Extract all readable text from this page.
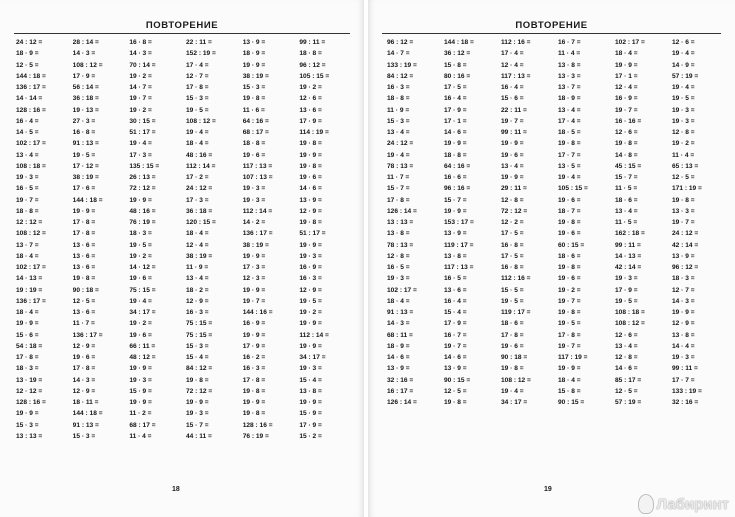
ПОВТОРЕНИЕ
24 : 12 =
18 · 9 =
12 · 5 =
144 : 18 =
136 : 17 =
14 · 14 =
128 : 16 =
16 · 4 =
14 · 5 =
102 : 17 =
13 · 4 =
108 : 18 =
19 · 3 =
16 · 5 =
19 · 7 =
18 · 8 =
12 : 12 =
108 : 12 =
13 · 7 =
18 · 4 =
102 : 17 =
14 · 13 =
19 : 19 =
136 : 17 =
18 · 4 =
19 · 9 =
15 · 6 =
54 : 18 =
17 · 8 =
18 · 3 =
13 · 19 =
12 · 12 =
128 : 16 =
19 · 9 =
15 · 3 =
13 : 13 =
28 : 14 =
14 · 3 =
108 : 12 =
17 · 9 =
56 : 14 =
36 : 18 =
19 · 13 =
27 · 3 =
16 · 8 =
91 : 13 =
19 · 5 =
17 · 12 =
38 : 19 =
17 · 6 =
144 : 18 =
19 · 9 =
17 · 8 =
17 · 8 =
13 · 6 =
13 · 6 =
13 · 6 =
19 · 8 =
90 : 18 =
12 · 5 =
13 · 6 =
11 · 7 =
136 : 17 =
12 · 9 =
19 · 6 =
17 · 8 =
14 · 3 =
12 · 9 =
18 · 11 =
144 : 18 =
91 : 13 =
15 · 3 =
16 · 8 =
14 · 3 =
70 : 14 =
19 · 2 =
14 · 7 =
19 · 7 =
19 · 2 =
30 : 15 =
51 : 17 =
19 · 4 =
17 · 3 =
135 : 15 =
26 : 13 =
72 : 12 =
19 · 9 =
48 : 16 =
76 : 19 =
18 · 3 =
19 · 5 =
19 · 2 =
14 · 12 =
19 · 6 =
75 : 15 =
19 · 4 =
34 : 17 =
19 · 2 =
19 · 6 =
66 : 11 =
48 : 12 =
19 · 9 =
19 · 3 =
15 · 9 =
19 · 9 =
11 · 2 =
68 : 17 =
11 · 4 =
22 : 11 =
152 : 19 =
17 · 4 =
12 · 7 =
17 · 8 =
15 · 3 =
19 · 5 =
108 : 12 =
19 · 4 =
18 · 4 =
48 : 16 =
112 : 14 =
17 · 2 =
24 : 12 =
17 · 3 =
36 : 18 =
120 : 15 =
18 · 4 =
12 · 4 =
38 : 19 =
11 · 9 =
13 · 4 =
18 · 2 =
12 · 9 =
16 · 3 =
75 : 15 =
75 : 15 =
15 · 3 =
15 · 4 =
84 : 12 =
19 · 8 =
72 : 12 =
19 · 9 =
19 · 3 =
15 · 7 =
44 : 11 =
13 · 9 =
18 · 9 =
19 · 9 =
38 : 19 =
15 · 3 =
19 · 8 =
11 · 6 =
64 : 16 =
68 : 17 =
18 · 8 =
19 · 6 =
117 : 13 =
107 : 13 =
19 · 3 =
19 · 3 =
112 : 14 =
14 · 2 =
136 : 17 =
38 : 19 =
19 · 9 =
17 · 3 =
12 · 3 =
19 · 9 =
19 · 7 =
144 : 16 =
16 · 9 =
19 · 9 =
17 · 9 =
16 · 2 =
16 · 3 =
17 · 8 =
19 · 8 =
19 · 9 =
19 · 8 =
128 : 16 =
76 : 19 =
99 : 11 =
18 · 8 =
96 : 12 =
105 : 15 =
19 · 2 =
12 · 6 =
13 · 6 =
17 · 9 =
114 : 19 =
19 · 8 =
19 · 9 =
19 · 8 =
19 · 6 =
14 · 6 =
13 · 9 =
12 · 9 =
19 · 8 =
51 : 17 =
19 · 9 =
19 · 3 =
16 · 9 =
16 · 3 =
12 · 9 =
19 · 5 =
19 · 2 =
19 · 9 =
112 : 14 =
19 · 9 =
34 : 17 =
19 · 3 =
15 · 4 =
13 · 8 =
19 · 9 =
15 · 9 =
17 · 9 =
15 · 2 =
18
ПОВТОРЕНИЕ
96 : 12 =
14 · 7 =
133 : 19 =
84 : 12 =
16 · 3 =
18 · 8 =
11 · 9 =
15 · 3 =
13 · 4 =
24 : 12 =
19 · 4 =
78 : 13 =
11 · 7 =
15 · 7 =
17 · 8 =
126 : 14 =
13 : 13 =
13 · 8 =
78 : 13 =
12 · 8 =
16 · 5 =
19 · 3 =
102 : 17 =
18 · 4 =
91 : 13 =
14 · 3 =
68 : 11 =
18 · 9 =
14 · 6 =
13 · 9 =
32 : 16 =
16 : 17 =
126 : 14 =
144 : 18 =
36 : 12 =
15 · 8 =
80 : 16 =
17 · 5 =
16 · 4 =
17 · 9 =
17 · 1 =
14 · 6 =
19 · 9 =
18 · 8 =
64 : 16 =
16 · 6 =
96 : 16 =
15 · 7 =
19 · 9 =
153 : 17 =
13 · 9 =
119 : 17 =
13 · 8 =
117 : 13 =
16 · 5 =
13 · 6 =
16 · 4 =
15 · 4 =
17 · 9 =
16 · 7 =
19 · 7 =
14 · 6 =
13 · 9 =
90 : 15 =
12 · 5 =
19 · 8 =
112 : 16 =
17 · 4 =
12 · 4 =
117 : 13 =
16 · 4 =
15 · 6 =
22 : 11 =
19 · 7 =
99 : 11 =
19 · 9 =
19 · 6 =
13 · 4 =
19 · 9 =
29 : 11 =
12 · 8 =
72 : 12 =
12 · 2 =
17 · 5 =
16 · 8 =
17 · 5 =
16 · 8 =
112 : 16 =
15 · 5 =
19 · 5 =
119 : 17 =
18 · 6 =
17 · 8 =
19 · 6 =
90 : 18 =
19 · 8 =
108 : 12 =
19 · 4 =
34 : 17 =
16 · 7 =
11 · 4 =
13 · 8 =
13 · 3 =
13 · 7 =
18 · 9 =
13 · 4 =
17 · 4 =
18 · 5 =
19 · 8 =
17 · 7 =
13 · 5 =
19 · 4 =
105 : 15 =
19 · 6 =
18 · 7 =
19 · 8 =
19 · 6 =
60 : 15 =
18 · 6 =
19 · 8 =
19 · 6 =
19 · 2 =
19 · 7 =
19 · 8 =
19 · 5 =
17 · 8 =
19 · 7 =
117 : 19 =
19 · 9 =
18 · 4 =
15 · 8 =
90 : 15 =
102 : 17 =
18 · 4 =
19 · 9 =
17 · 1 =
12 · 4 =
16 · 9 =
19 · 7 =
16 · 16 =
12 · 6 =
19 · 8 =
14 · 8 =
45 : 15 =
15 · 7 =
11 · 5 =
18 · 6 =
13 · 4 =
11 · 5 =
162 : 18 =
99 : 11 =
14 · 13 =
42 : 14 =
19 · 3 =
17 · 9 =
19 · 5 =
108 : 18 =
108 : 12 =
12 · 6 =
13 · 4 =
12 · 8 =
14 · 6 =
85 : 17 =
12 · 5 =
57 : 19 =
12 · 6 =
19 · 4 =
14 · 9 =
57 : 19 =
19 · 4 =
19 · 5 =
19 · 3 =
19 · 3 =
12 · 8 =
19 · 2 =
11 · 4 =
65 : 13 =
12 · 5 =
171 : 19 =
19 · 8 =
13 · 3 =
19 · 7 =
24 : 12 =
42 : 14 =
13 · 9 =
96 : 12 =
18 · 3 =
12 · 7 =
14 · 3 =
19 · 9 =
12 · 9 =
13 · 8 =
14 · 4 =
19 · 3 =
99 : 11 =
17 · 7 =
133 : 19 =
32 : 16 =
19
Лабиринт
